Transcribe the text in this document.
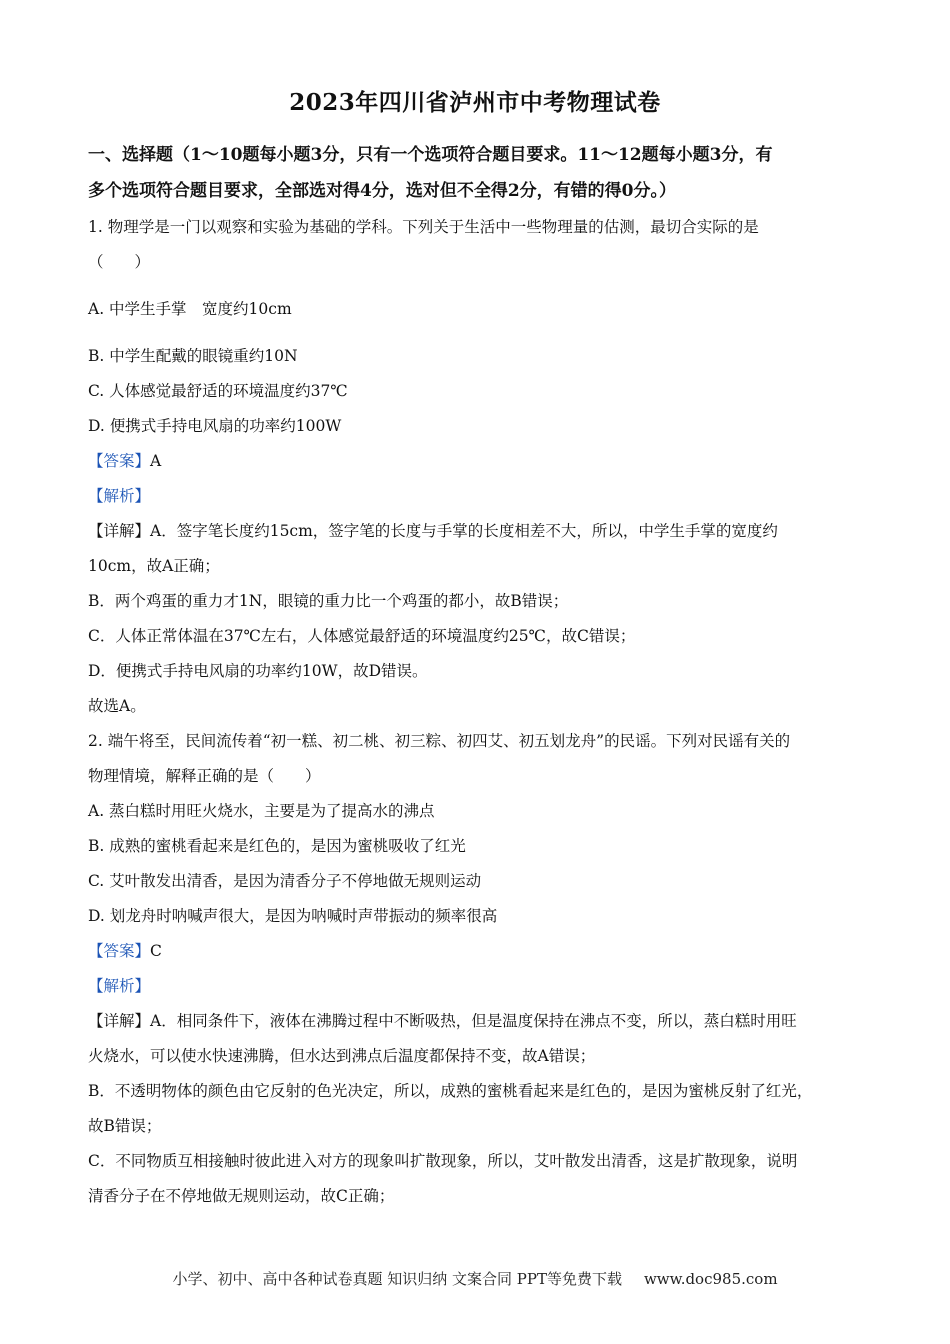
2023年四川省泸州市中考物理试卷
一、选择题（1～10题每小题3分，只有一个选项符合题目要求。11～12题每小题3分，有
多个选项符合题目要求，全部选对得4分，选对但不全得2分，有错的得0分。）

1. 物理学是一门以观察和实验为基础的学科。下列关于生活中一些物理量的估测，最切合实际的是

（　　）

A. 中学生手掌　宽度约10cm

B. 中学生配戴的眼镜重约10N

C. 人体感觉最舒适的环境温度约37℃

D. 便携式手持电风扇的功率约100W

【答案】A

【解析】

【详解】A．签字笔长度约15cm，签字笔的长度与手掌的长度相差不大，所以，中学生手掌的宽度约

10cm，故A正确；

B．两个鸡蛋的重力才1N，眼镜的重力比一个鸡蛋的都小，故B错误；

C．人体正常体温在37℃左右，人体感觉最舒适的环境温度约25℃，故C错误；

D．便携式手持电风扇的功率约10W，故D错误。

故选A。

2. 端午将至，民间流传着“初一糕、初二桃、初三粽、初四艾、初五划龙舟”的民谣。下列对民谣有关的

物理情境，解释正确的是（　　）

A. 蒸白糕时用旺火烧水，主要是为了提高水的沸点

B. 成熟的蜜桃看起来是红色的，是因为蜜桃吸收了红光

C. 艾叶散发出清香，是因为清香分子不停地做无规则运动

D. 划龙舟时呐喊声很大，是因为呐喊时声带振动的频率很高

【答案】C

【解析】

【详解】A．相同条件下，液体在沸腾过程中不断吸热，但是温度保持在沸点不变，所以，蒸白糕时用旺

火烧水，可以使水快速沸腾，但水达到沸点后温度都保持不变，故A错误；

B．不透明物体的颜色由它反射的色光决定，所以，成熟的蜜桃看起来是红色的，是因为蜜桃反射了红光，

故B错误；

C．不同物质互相接触时彼此进入对方的现象叫扩散现象，所以，艾叶散发出清香，这是扩散现象，说明

清香分子在不停地做无规则运动，故C正确；

小学、初中、高中各种试卷真题 知识归纳 文案合同 PPT等免费下载 www.doc985.com
